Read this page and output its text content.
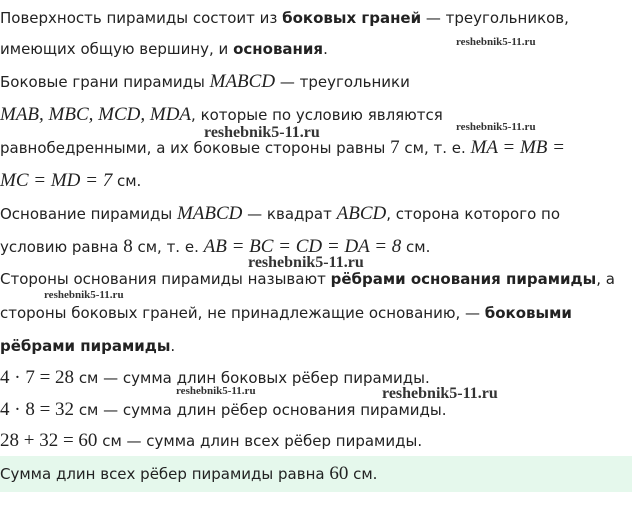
Поверхность пирамиды состоит из боковых граней — треугольников,
имеющих общую вершину, и основания.
Боковые грани пирамиды MABCD — треугольники
MAB, MBC, MCD, MDA, которые по условию являются
равнобедренными, а их боковые стороны равны 7 см, т. е. MA = MB =
MC = MD = 7 см.
Основание пирамиды MABCD — квадрат ABCD, сторона которого по
условию равна 8 см, т. е. AB = BC = CD = DA = 8 см.
Стороны основания пирамиды называют рёбрами основания пирамиды, а
стороны боковых граней, не принадлежащие основанию, — боковыми
рёбрами пирамиды.
4 · 7 = 28 см — сумма длин боковых рёбер пирамиды.
4 · 8 = 32 см — сумма длин рёбер основания пирамиды.
28 + 32 = 60 см — сумма длин всех рёбер пирамиды.
Сумма длин всех рёбер пирамиды равна 60 см.
reshebnik5-11.ru
reshebnik5-11.ru
reshebnik5-11.ru
reshebnik5-11.ru
reshebnik5-11.ru
reshebnik5-11.ru	reshebnik5-11.ru
